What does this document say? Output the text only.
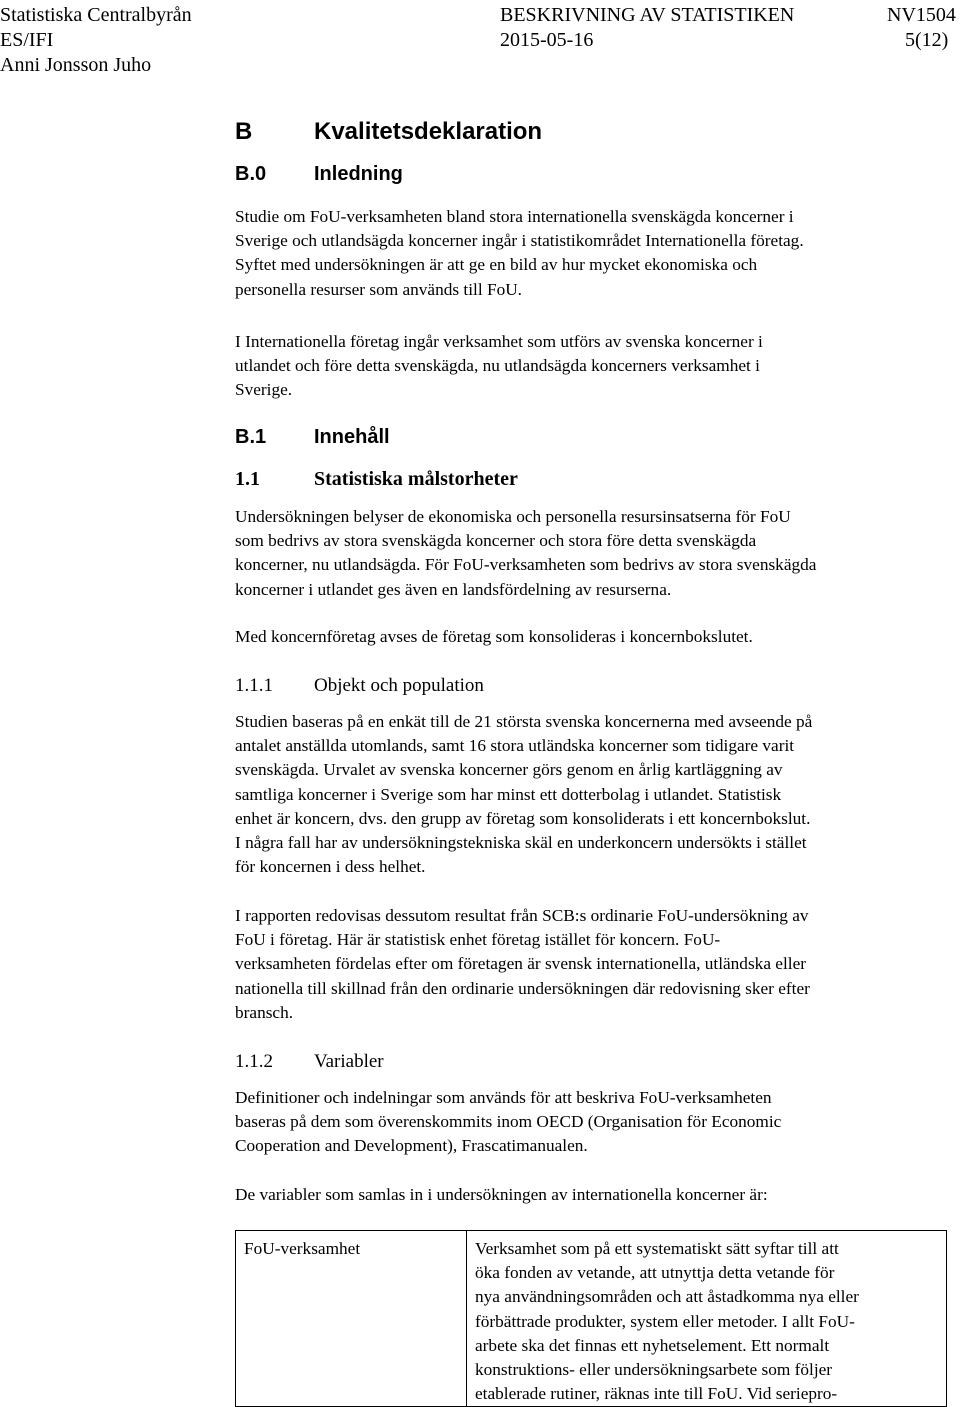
Statistiska Centralbyrån
ES/IFI
Anni Jonsson Juho
BESKRIVNING AV STATISTIKEN
2015-05-16
NV1504
5(12)
B	Kvalitetsdeklaration
B.0 Inledning
Studie om FoU-verksamheten bland stora internationella svenskägda koncerner i
Sverige och utlandsägda koncerner ingår i statistikområdet Internationella företag.
Syftet med undersökningen är att ge en bild av hur mycket ekonomiska och
personella resurser som används till FoU.
I Internationella företag ingår verksamhet som utförs av svenska koncerner i
utlandet och före detta svenskägda, nu utlandsägda koncerners verksamhet i
Sverige.
B.1 Innehåll
1.1	Statistiska målstorheter
Undersökningen belyser de ekonomiska och personella resursinsatserna för FoU
som bedrivs av stora svenskägda koncerner och stora före detta svenskägda
koncerner, nu utlandsägda. För FoU-verksamheten som bedrivs av stora svenskägda
koncerner i utlandet ges även en landsfördelning av resurserna.
Med koncernföretag avses de företag som konsolideras i koncernbokslutet.
1.1.1 Objekt och population
Studien baseras på en enkät till de 21 största svenska koncernerna med avseende på
antalet anställda utomlands, samt 16 stora utländska koncerner som tidigare varit
svenskägda. Urvalet av svenska koncerner görs genom en årlig kartläggning av
samtliga koncerner i Sverige som har minst ett dotterbolag i utlandet. Statistisk
enhet är koncern, dvs. den grupp av företag som konsoliderats i ett koncernbokslut.
I några fall har av undersökningstekniska skäl en underkoncern undersökts i stället
för koncernen i dess helhet.
I rapporten redovisas dessutom resultat från SCB:s ordinarie FoU-undersökning av
FoU i företag. Här är statistisk enhet företag istället för koncern. FoU-
verksamheten fördelas efter om företagen är svensk internationella, utländska eller
nationella till skillnad från den ordinarie undersökningen där redovisning sker efter
bransch.
1.1.2 Variabler
Definitioner och indelningar som används för att beskriva FoU-verksamheten
baseras på dem som överenskommits inom OECD (Organisation för Economic
Cooperation and Development), Frascatimanualen.
De variabler som samlas in i undersökningen av internationella koncerner är:
FoU-verksamhet	Verksamhet som på ett systematiskt sätt syftar till att
öka fonden av vetande, att utnyttja detta vetande för
nya användningsområden och att åstadkomma nya eller
förbättrade produkter, system eller metoder. I allt FoU-
arbete ska det finnas ett nyhetselement. Ett normalt
konstruktions- eller undersökningsarbete som följer
etablerade rutiner, räknas inte till FoU. Vid seriepro-
